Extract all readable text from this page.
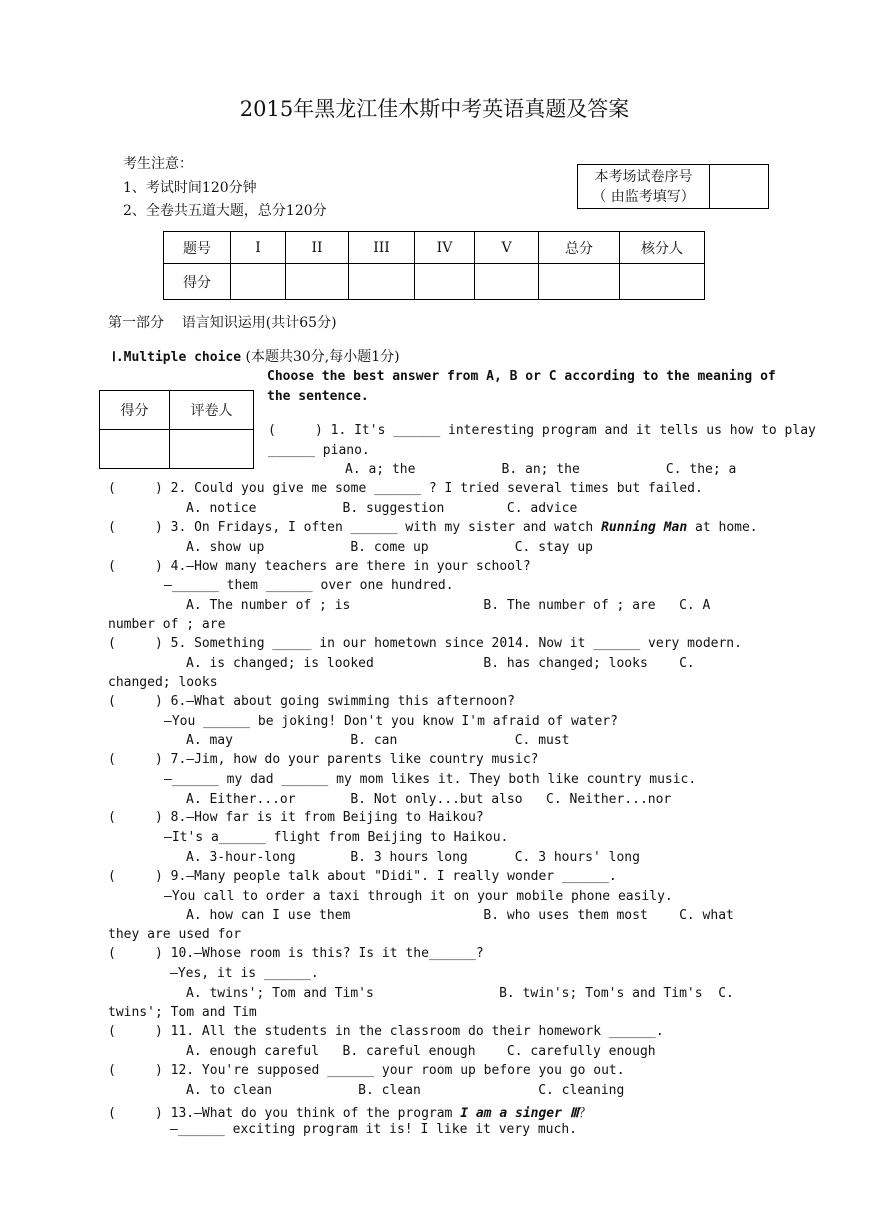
2015年黑龙江佳木斯中考英语真题及答案
考生注意：
1、考试时间120分钟
2、全卷共五道大题，总分120分
本考场试卷序号
（ 由监考填写）

题号	I	II	III	IV	V	总分	核分人
得分							
第一部分    语言知识运用(共计65分)
Ⅰ.Multiple choice (本题共30分,每小题1分)
Choose the best answer from A, B or C according to the meaning of
the sentence.
得分	评卷人

(     ) 1. It's ______ interesting program and it tells us how to play
______ piano.
A. a; the           B. an; the           C. the; a
(     ) 2. Could you give me some ______ ? I tried several times but failed.
A. notice           B. suggestion        C. advice
(     ) 4.—How many teachers are there in your school?
—______ them ______ over one hundred.
A. The number of ; is                 B. The number of ; are   C. A
number of ; are
(     ) 5. Something _____ in our hometown since 2014. Now it ______ very modern.
A. is changed; is looked              B. has changed; looks    C.
changed; looks
(     ) 6.—What about going swimming this afternoon?
—You ______ be joking! Don't you know I'm afraid of water?
A. may               B. can               C. must
(     ) 7.—Jim, how do your parents like country music?
—______ my dad ______ my mom likes it. They both like country music.
A. Either...or       B. Not only...but also   C. Neither...nor
(     ) 8.—How far is it from Beijing to Haikou?
—It's a______ flight from Beijing to Haikou.
A. 3-hour-long       B. 3 hours long      C. 3 hours' long
(     ) 9.—Many people talk about "Didi". I really wonder ______.
—You call to order a taxi through it on your mobile phone easily.
A. how can I use them                 B. who uses them most    C. what
they are used for
(     ) 10.—Whose room is this? Is it the______?
—Yes, it is ______.
A. twins'; Tom and Tim's                B. twin's; Tom's and Tim's  C.
twins'; Tom and Tim
(     ) 11. All the students in the classroom do their homework ______.
A. enough careful   B. careful enough    C. carefully enough
(     ) 12. You're supposed ______ your room up before you go out.
A. to clean           B. clean               C. cleaning
—______ exciting program it is! I like it very much.
(     ) 3. On Fridays, I often ______ with my sister and watch Running Man at home.
A. show up           B. come up           C. stay up
(     ) 13.—What do you think of the program I am a singer Ⅲ？
